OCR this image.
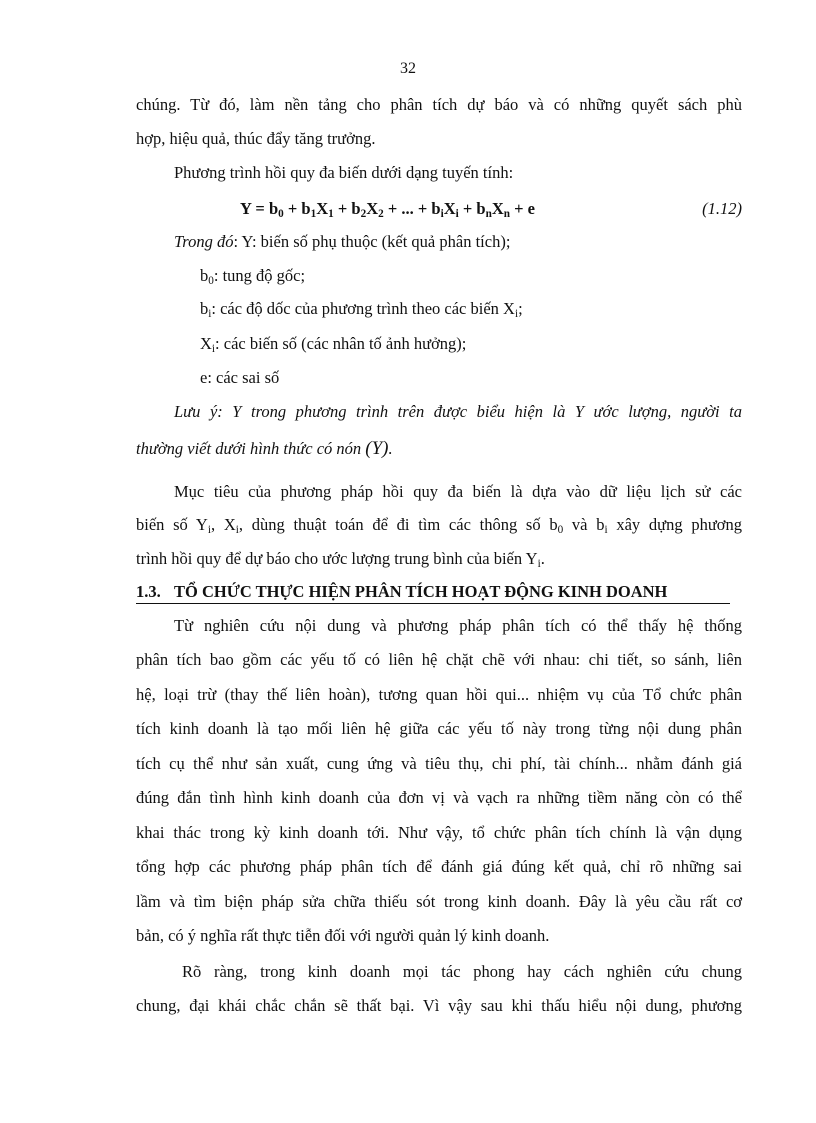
32
chúng. Từ đó, làm nền tảng cho phân tích dự báo và có những quyết sách phù
hợp, hiệu quả, thúc đẩy tăng trưởng.
Phương trình hồi quy đa biến dưới dạng tuyến tính:
$Y = b_0 + b_1X_1 + b_2X_2$ + ... + $b_iX_i + b_nX_n + e$	(1.12)
Trong đó: Y: biến số phụ thuộc (kết quả phân tích);
$b_0$: tung độ gốc;
$b_i$: các độ dốc của phương trình theo các biến $X_i$;
$X_i$: các biến số (các nhân tố ảnh hưởng);
e: các sai số
Lưu ý: Y trong phương trình trên được biểu hiện là Y ước lượng, người ta
thường viết dưới hình thức có nón (Y).
Mục tiêu của phương pháp hồi quy đa biến là dựa vào dữ liệu lịch sử các
biến số $Y_i$, $X_i$, dùng thuật toán để đi tìm các thông số $b_0$ và $b_i$ xây dựng phương
trình hồi quy để dự báo cho ước lượng trung bình của biến $Y_i$.
1.3. TỔ CHỨC THỰC HIỆN PHÂN TÍCH HOẠT ĐỘNG KINH DOANH
Từ nghiên cứu nội dung và phương pháp phân tích có thể thấy hệ thống
phân tích bao gồm các yếu tố có liên hệ chặt chẽ với nhau: chi tiết, so sánh, liên
hệ, loại trừ (thay thế liên hoàn), tương quan hồi qui... nhiệm vụ của Tổ chức phân
tích kinh doanh là tạo mối liên hệ giữa các yếu tố này trong từng nội dung phân
tích cụ thể như sản xuất, cung ứng và tiêu thụ, chi phí, tài chính... nhằm đánh giá
đúng đắn tình hình kinh doanh của đơn vị và vạch ra những tiềm năng còn có thể
khai thác trong kỳ kinh doanh tới. Như vậy, tổ chức phân tích chính là vận dụng
tổng hợp các phương pháp phân tích để đánh giá đúng kết quả, chỉ rõ những sai
lầm và tìm biện pháp sửa chữa thiếu sót trong kinh doanh. Đây là yêu cầu rất cơ
bản, có ý nghĩa rất thực tiễn đối với người quản lý kinh doanh.
Rõ ràng, trong kinh doanh mọi tác phong hay cách nghiên cứu chung
chung, đại khái chắc chắn sẽ thất bại. Vì vậy sau khi thấu hiểu nội dung, phương
